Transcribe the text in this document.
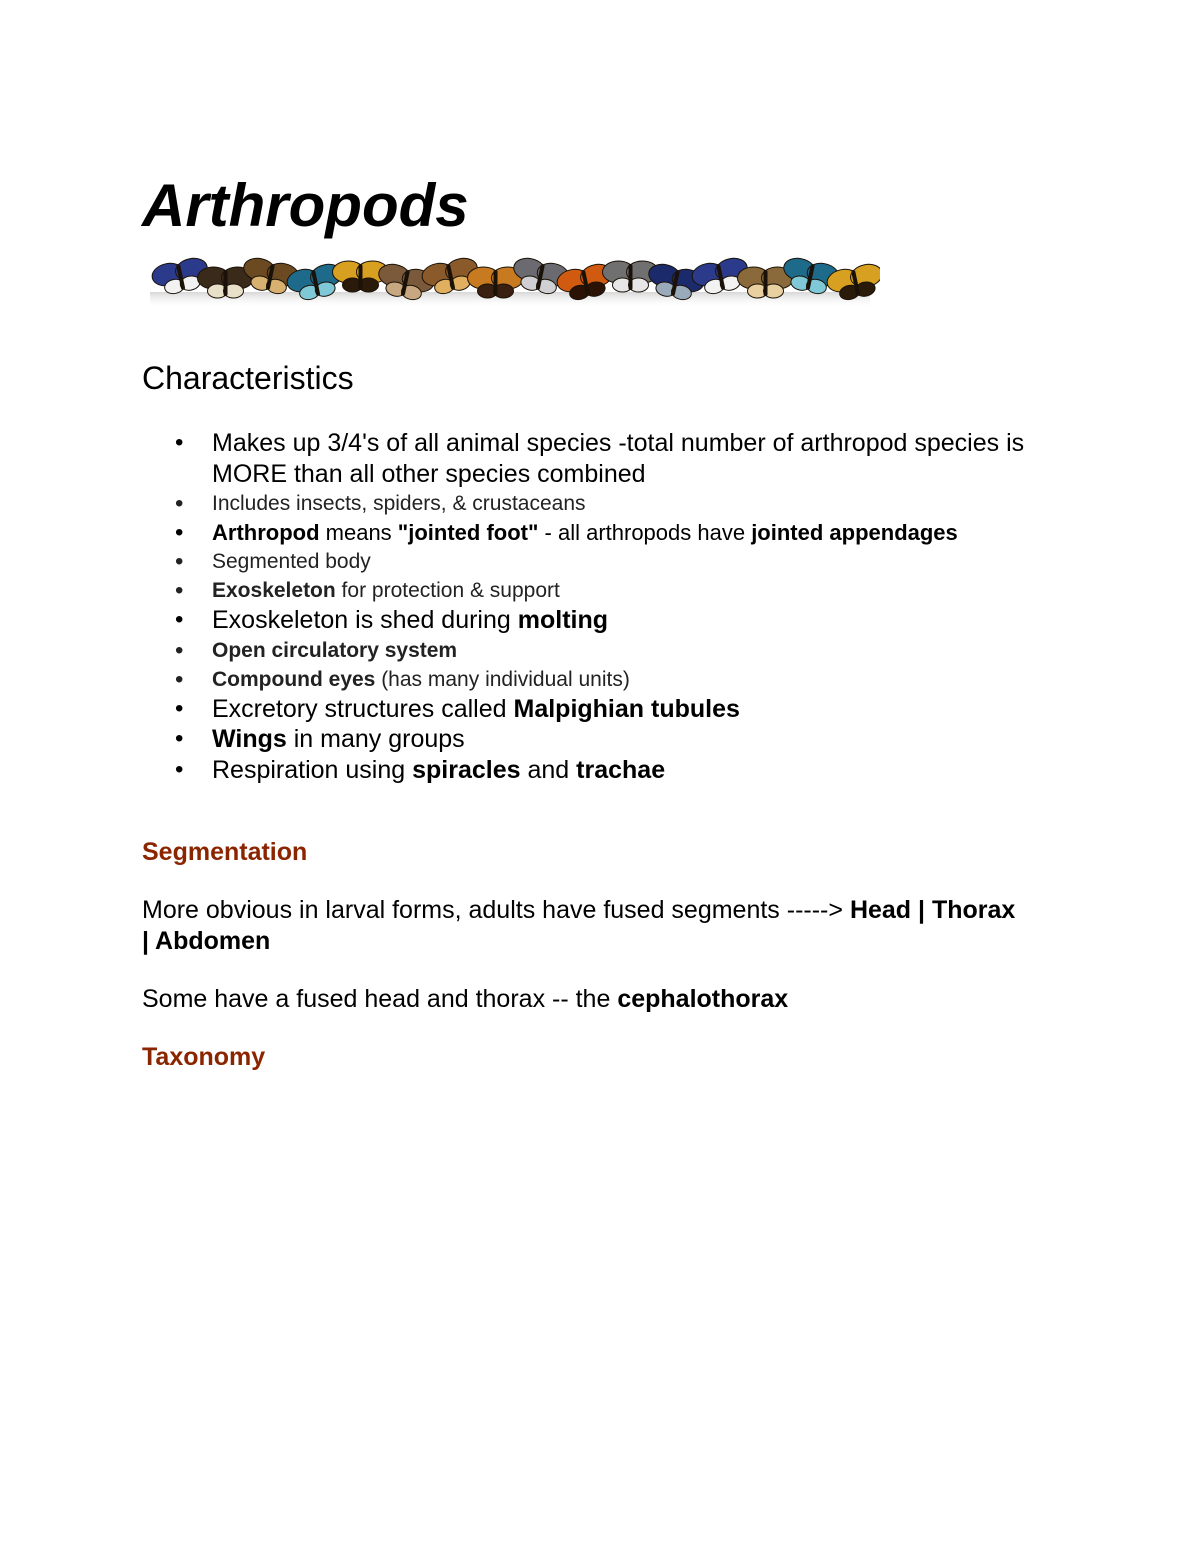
Arthropods
Characteristics
• Makes up 3/4's of all animal species -total number of arthropod species is MORE than all other species combined
• Includes insects, spiders, & crustaceans
• Arthropod means "jointed foot" - all arthropods have jointed appendages
• Segmented body
• Exoskeleton for protection & support
• Exoskeleton is shed during molting
• Open circulatory system
• Compound eyes (has many individual units)
• Excretory structures called Malpighian tubules
• Wings in many groups
• Respiration using spiracles and trachae
Segmentation

More obvious in larval forms, adults have fused segments -----> Head | Thorax | Abdomen

Some have a fused head and thorax -- the cephalothorax

Taxonomy
